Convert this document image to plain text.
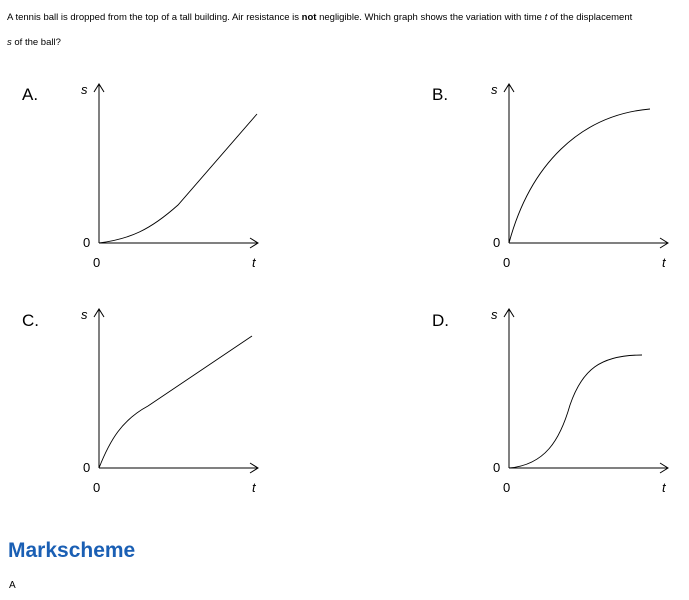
A tennis ball is dropped from the top of a tall building. Air resistance is not negligible. Which graph shows the variation with time t of the displacement
s of the ball?

A.	s
0
0	t
B.	s
0
0	t
C.	s
0
0	t
D.	s
0
0	t
Markscheme
A
